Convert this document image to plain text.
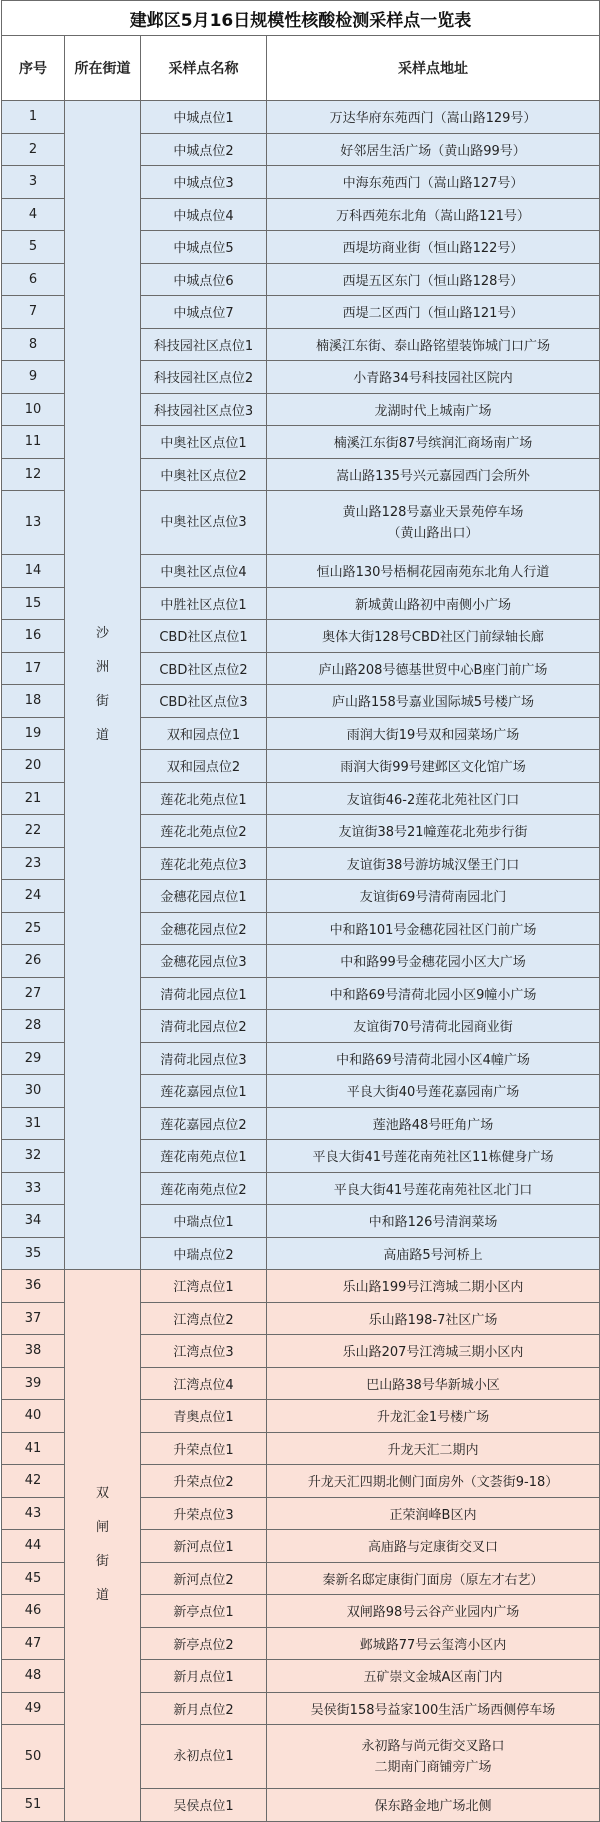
建邺区5月16日规模性核酸检测采样点一览表			
序号	所在街道	采样点名称	采样点地址
1	沙洲街道	中城点位1	万达华府东苑西门（嵩山路129号）

2		中城点位2	好邻居生活广场（黄山路99号）

3		中城点位3	中海东苑西门（嵩山路127号）

4		中城点位4	万科西苑东北角（嵩山路121号）

5		中城点位5	西堤坊商业街（恒山路122号）

6		中城点位6	西堤五区东门（恒山路128号）

7		中城点位7	西堤二区西门（恒山路121号）

8		科技园社区点位1	楠溪江东街、泰山路铭望装饰城门口广场

9		科技园社区点位2	小青路34号科技园社区院内

10		科技园社区点位3	龙湖时代上城南广场

11		中奥社区点位1	楠溪江东街87号缤润汇商场南广场

12		中奥社区点位2	嵩山路135号兴元嘉园西门会所外

13		中奥社区点位3	黄山路128号嘉业天景苑停车场
（黄山路出口）

14		中奥社区点位4	恒山路130号梧桐花园南苑东北角人行道

15		中胜社区点位1	新城黄山路初中南侧小广场

16		CBD社区点位1	奥体大街128号CBD社区门前绿轴长廊

17		CBD社区点位2	庐山路208号德基世贸中心B座门前广场

18		CBD社区点位3	庐山路158号嘉业国际城5号楼广场

19		双和园点位1	雨润大街19号双和园菜场广场

20		双和园点位2	雨润大街99号建邺区文化馆广场

21		莲花北苑点位1	友谊街46-2莲花北苑社区门口

22		莲花北苑点位2	友谊街38号21幢莲花北苑步行街

23		莲花北苑点位3	友谊街38号游坊城汉堡王门口

24		金穗花园点位1	友谊街69号清荷南园北门

25		金穗花园点位2	中和路101号金穗花园社区门前广场

26		金穗花园点位3	中和路99号金穗花园小区大广场

27		清荷北园点位1	中和路69号清荷北园小区9幢小广场

28		清荷北园点位2	友谊街70号清荷北园商业街

29		清荷北园点位3	中和路69号清荷北园小区4幢广场

30		莲花嘉园点位1	平良大街40号莲花嘉园南广场

31		莲花嘉园点位2	莲池路48号旺角广场

32		莲花南苑点位1	平良大街41号莲花南苑社区11栋健身广场

33		莲花南苑点位2	平良大街41号莲花南苑社区北门口

34		中瑞点位1	中和路126号清润菜场

35		中瑞点位2	高庙路5号河桥上

36	双闸街道	江湾点位1	乐山路199号江湾城二期小区内

37		江湾点位2	乐山路198-7社区广场

38		江湾点位3	乐山路207号江湾城三期小区内

39		江湾点位4	巴山路38号华新城小区

40		青奥点位1	升龙汇金1号楼广场

41		升荣点位1	升龙天汇二期内

42		升荣点位2	升龙天汇四期北侧门面房外（文荟街9-18）

43		升荣点位3	正荣润峰B区内

44		新河点位1	高庙路与定康街交叉口

45		新河点位2	秦新名邸定康街门面房（原左才右艺）

46		新亭点位1	双闸路98号云谷产业园内广场

47		新亭点位2	邺城路77号云玺湾小区内

48		新月点位1	五矿崇文金城A区南门内

49		新月点位2	吴侯街158号益家100生活广场西侧停车场

50		永初点位1	永初路与尚元街交叉路口
二期南门商铺旁广场

51		吴侯点位1	保东路金地广场北侧
